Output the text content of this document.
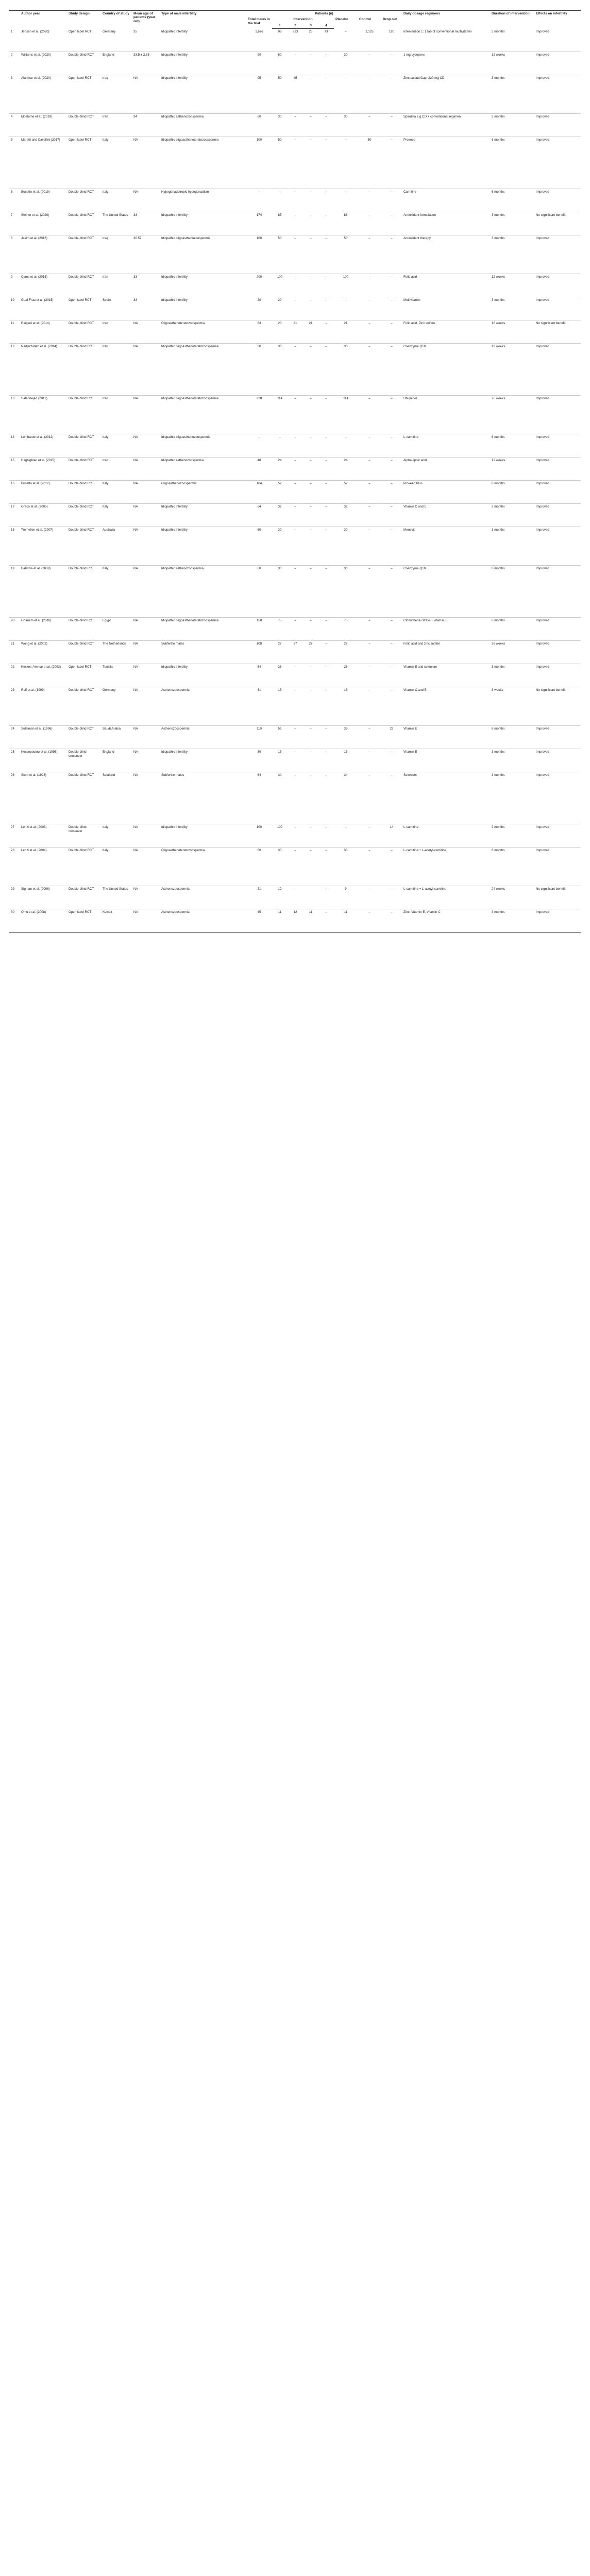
	Author year	Study design	Country of study	Mean age of patients (year old)	Type of male infertility	Patients (n)								Daily dosage regimens	Duration of intervention	Effects on infertility
						Total males in the trial	Intervention				Placebo	Control	Drop out			
							1	2	3	4						
1	Jensen et al. (2020)	Open label RCT	Germany	35	Idiopathic infertility	1,676	98	213	23	73	–	1,125	180	Intervention 1: 1 tab of conventional multivitamin	3 months	Improved
2	Williams et al. (2020)	Double-blind RCT	England	33.5 ± 2.85	Idiopathic infertility	90	60	–	–	–	30	–	–	1 mg Lycopene	12 weeks	Improved
3	Alahmar et al. (2020)	Open label RCT	Iraq	NA	Idiopathic infertility	95	50	45	–	–	–	–	–	Zinc sulfate/Cap. 220 mg CD	3 months	Improved
4	Mostame et al. (2019)	Double-blind RCT	Iran	34	Idiopathic asthenozoospermia	60	30	–	–	–	30	–	–	Spirulina 2 g CD + conventional regimen	3 months	Improved
5	Maretti and Cavallini (2017)	Open label RCT	Italy	NA	Idiopathic oligoasthenoteratozoospermia	100	50	–	–	–	–	50	–	Proxeed	6 months	Improved
6	Busetto et al. (2018)	Double-blind RCT	Italy	NA	Hypogonadotropic hypogonadism	–	–	–	–	–	–	–	–	Carnitine	6 months	Improved
7	Steiner et al. (2020)	Double-blind RCT	The United States	33	Idiopathic infertility	174	85	–	–	–	86	–	–	Antioxidant formulation	3 months	No significant benefit
8	Jasim et al. (2016)	Double-blind RCT	Iraq	30.57	Idiopathic oligoasthenozoospermia	100	50	–	–	–	50	–	–	Antioxidant therapy	3 months	Improved
9	Cyrus et al. (2015)	Double-blind RCT	Iran	33	Idiopathic infertility	200	100	–	–	–	100	–	–	Folic acid	12 weeks	Improved
10	Gual-Frau et al. (2015)	Open label RCT	Spain	33	Idiopathic infertility	20	20	–	–	–	–	–	–	Multivitamin	3 months	Improved
11	Raigani et al. (2014)	Double-blind RCT	Iran	NA	Oligoasthenoteratozoospermia	83	20	21	21	–	21	–	–	Folic acid, Zinc sulfate	16 weeks	No significant benefit
12	Nadjarzadeh et al. (2014)	Double-blind RCT	Iran	NA	Idiopathic oligoasthenoteratozoospermia	60	30	–	–	–	30	–	–	Coenzyme Q10	12 weeks	Improved
13	Safarinejad (2012)	Double-blind RCT	Iran	NA	Idiopathic oligoasthenoteratozoospermia	228	114	–	–	–	114	–	–	Ubiquinol	26 weeks	Improved
14	Lombardo et al. (2012)	Double-blind RCT	Italy	NA	Idiopathic oligoasthenozoospermia	–	–	–	–	–	–	–	–	L-carnitine	6 months	Improved
15	Haghighian et al. (2015)	Double-blind RCT	Iran	NA	Idiopathic asthenozoospermia	48	24	–	–	–	24	–	–	Alpha-lipoic acid	12 weeks	Improved
16	Busetto et al. (2012)	Double-blind RCT	Italy	NA	Oligoasthenozoospermia	104	52	–	–	–	52	–	–	Proxeed Plus	6 months	Improved
17	Greco et al. (2005)	Double-blind RCT	Italy	NA	Idiopathic infertility	64	32	–	–	–	32	–	–	Vitamin C and E	2 months	Improved
18	Tremellen et al. (2007)	Double-blind RCT	Australia	NA	Idiopathic infertility	60	30	–	–	–	30	–	–	Menevit	3 months	Improved
19	Balercia et al. (2009)	Double-blind RCT	Italy	NA	Idiopathic asthenozoospermia	60	30	–	–	–	30	–	–	Coenzyme Q10	6 months	Improved
20	Ghanem et al. (2010)	Double-blind RCT	Egypt	NA	Idiopathic oligoasthenoteratozoospermia	150	75	–	–	–	75	–	–	Clomiphene citrate + vitamin E	6 months	Improved
21	Wong et al. (2002)	Double-blind RCT	The Netherlands	NA	Subfertile males	108	27	27	27	–	27	–	–	Folic acid and zinc sulfate	26 weeks	Improved
22	Keskes-Ammar et al. (2003)	Open label RCT	Tunisia	NA	Idiopathic infertility	54	28	–	–	–	26	–	–	Vitamin E and selenium	3 months	Improved
23	Rolf et al. (1999)	Double-blind RCT	Germany	NA	Asthenozoospermia	31	15	–	–	–	16	–	–	Vitamin C and E	8 weeks	No significant benefit
24	Suleiman et al. (1996)	Double-blind RCT	Saudi Arabia	NA	Asthenozoospermia	110	52	–	–	–	35	–	23	Vitamin E	6 months	Improved
25	Kessopoulou et al. (1995)	Double-blind crossover	England	NA	Idiopathic infertility	30	15	–	–	–	15	–	–	Vitamin E	3 months	Improved
26	Scott et al. (1998)	Double-blind RCT	Scotland	NA	Subfertile males	64	30	–	–	–	34	–	–	Selenium	3 months	Improved
27	Lenzi et al. (2003)	Double-blind crossover	Italy	NA	Idiopathic infertility	100	100	–	–	–	–	–	14	L-carnitine	2 months	Improved
28	Lenzi et al. (2004)	Double-blind RCT	Italy	NA	Oligoasthenoteratozoospermia	60	30	–	–	–	30	–	–	L-carnitine + L-acetyl-carnitine	6 months	Improved
29	Sigman et al. (2006)	Double-blind RCT	The United States	NA	Asthenozoospermia	21	12	–	–	–	9	–	–	L-carnitine + L-acetyl-carnitine	24 weeks	No significant benefit
30	Omu et al. (2008)	Open label RCT	Kuwait	NA	Asthenozoospermia	45	11	12	11	–	11	–	–	Zinc, Vitamin E, Vitamin C	3 months	Improved
